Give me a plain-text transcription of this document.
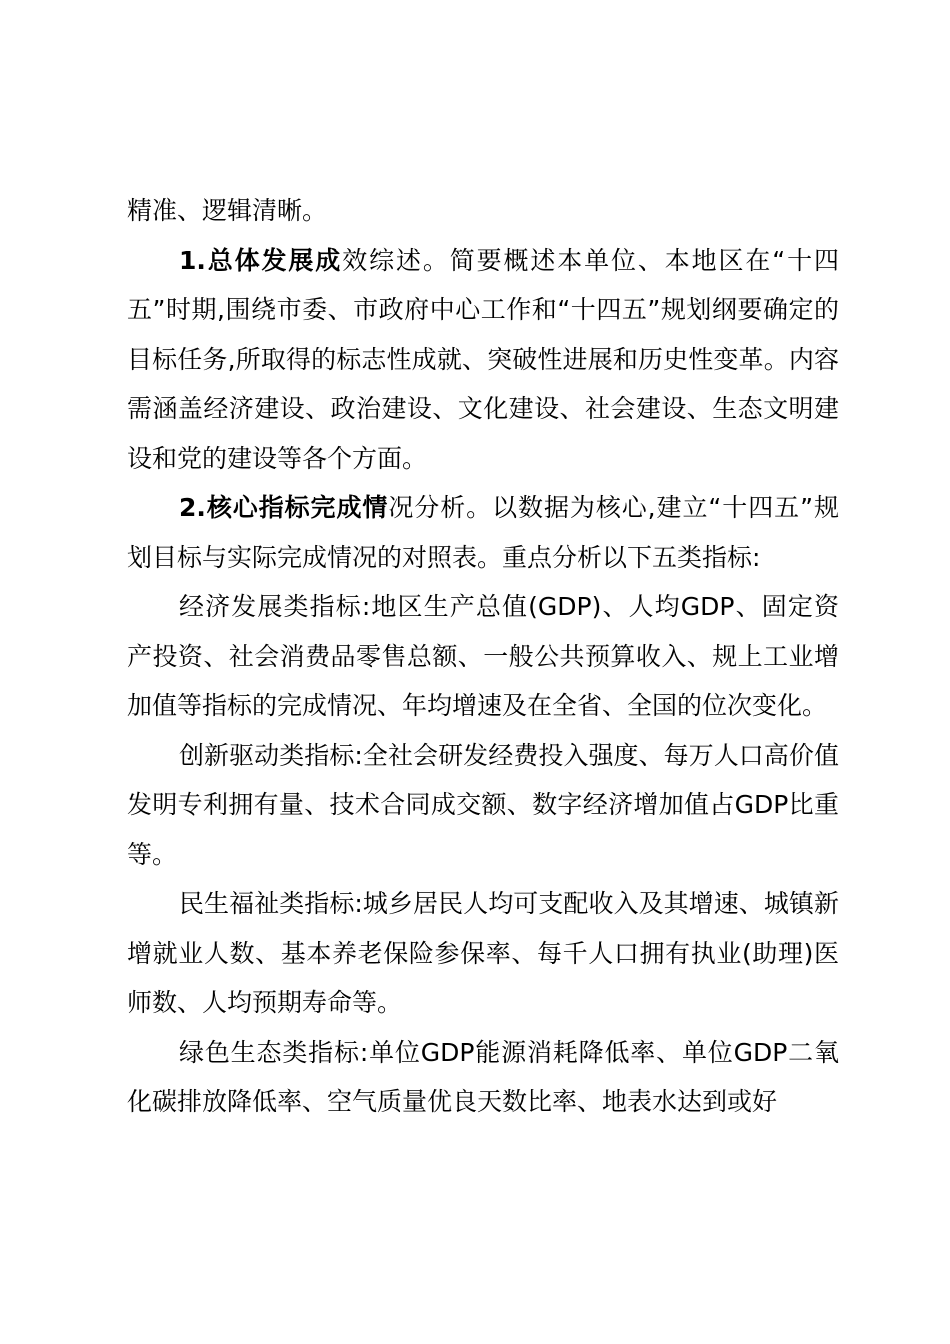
精准、逻辑清晰。

1.总体发展成效综述。简要概述本单位、本地区在“十四五”时期,围绕市委、市政府中心工作和“十四五”规划纲要确定的目标任务,所取得的标志性成就、突破性进展和历史性变革。内容需涵盖经济建设、政治建设、文化建设、社会建设、生态文明建设和党的建设等各个方面。

2.核心指标完成情况分析。以数据为核心,建立“十四五”规划目标与实际完成情况的对照表。重点分析以下五类指标:

经济发展类指标:地区生产总值(GDP)、人均GDP、固定资产投资、社会消费品零售总额、一般公共预算收入、规上工业增加值等指标的完成情况、年均增速及在全省、全国的位次变化。

创新驱动类指标:全社会研发经费投入强度、每万人口高价值发明专利拥有量、技术合同成交额、数字经济增加值占GDP比重等。

民生福祉类指标:城乡居民人均可支配收入及其增速、城镇新增就业人数、基本养老保险参保率、每千人口拥有执业(助理)医师数、人均预期寿命等。

绿色生态类指标:单位GDP能源消耗降低率、单位GDP二氧化碳排放降低率、空气质量优良天数比率、地表水达到或好
